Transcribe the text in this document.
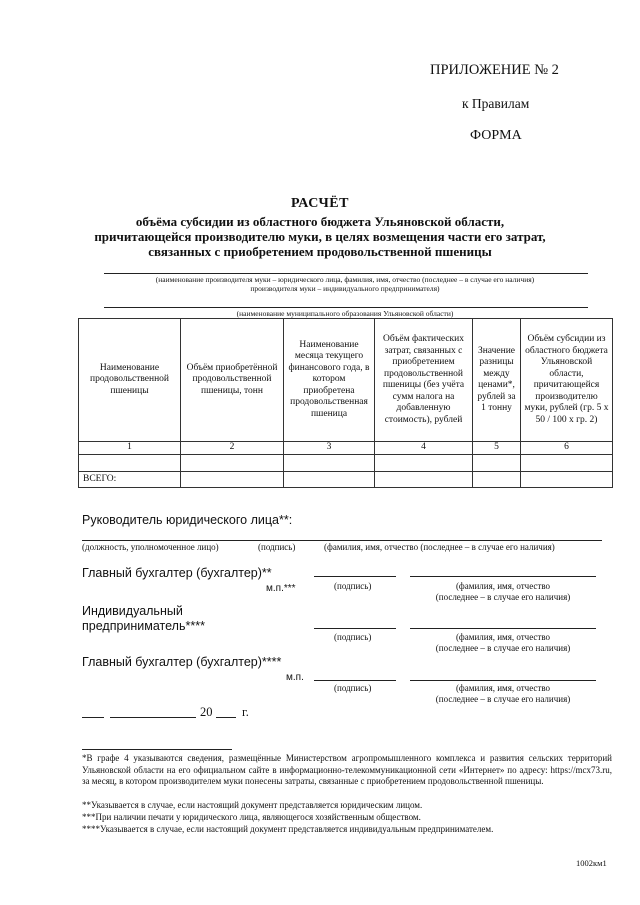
ПРИЛОЖЕНИЕ № 2
к Правилам
ФОРМА
РАСЧЁТ
объёма субсидии из областного бюджета Ульяновской области,
причитающейся производителю муки, в целях возмещения части его затрат,
связанных с приобретением продовольственной пшеницы
(наименование производителя муки – юридического лица, фамилия, имя, отчество (последнее – в случае его наличия)
производителя муки – индивидуального предпринимателя)
(наименование муниципального образования Ульяновской области)
Наименование продовольственной пшеницы	Объём приобретённой продовольственной пшеницы, тонн	Наименование месяца текущего финансового года, в котором приобретена продовольственная пшеница	Объём фактических затрат, связанных с приобретением продовольственной пшеницы (без учёта сумм налога на добавленную стоимость), рублей	Значение разницы между ценами*, рублей за 1 тонну	Объём субсидии из областного бюджета Ульяновской области, причитающейся производителю муки, рублей (гр. 5 х 50 / 100 х гр. 2)
1	2	3	4	5	6

ВСЕГО:					
Руководитель юридического лица**:
(должность, уполномоченное лицо)	(подпись)	(фамилия, имя, отчество (последнее – в случае его наличия)
Главный бухгалтер (бухгалтер)**
м.п.***	(подпись)	(фамилия, имя, отчество
(последнее – в случае его наличия)
Индивидуальный
предприниматель****
(подпись)	(фамилия, имя, отчество
(последнее – в случае его наличия)
Главный бухгалтер (бухгалтер)****
м.п.
(подпись)	(фамилия, имя, отчество
(последнее – в случае его наличия)
20 г.
*В графе 4 указываются сведения, размещённые Министерством агропромышленного комплекса и развития сельских территорий Ульяновской области на его официальном сайте в информационно-телекоммуникационной сети «Интернет» по адресу: https://mcx73.ru, за месяц, в котором производителем муки понесены затраты, связанные с приобретением продовольственной пшеницы.
**Указывается в случае, если настоящий документ представляется юридическим лицом.
***При наличии печати у юридического лица, являющегося хозяйственным обществом.
****Указывается в случае, если настоящий документ представляется индивидуальным предпринимателем.
1002км1
